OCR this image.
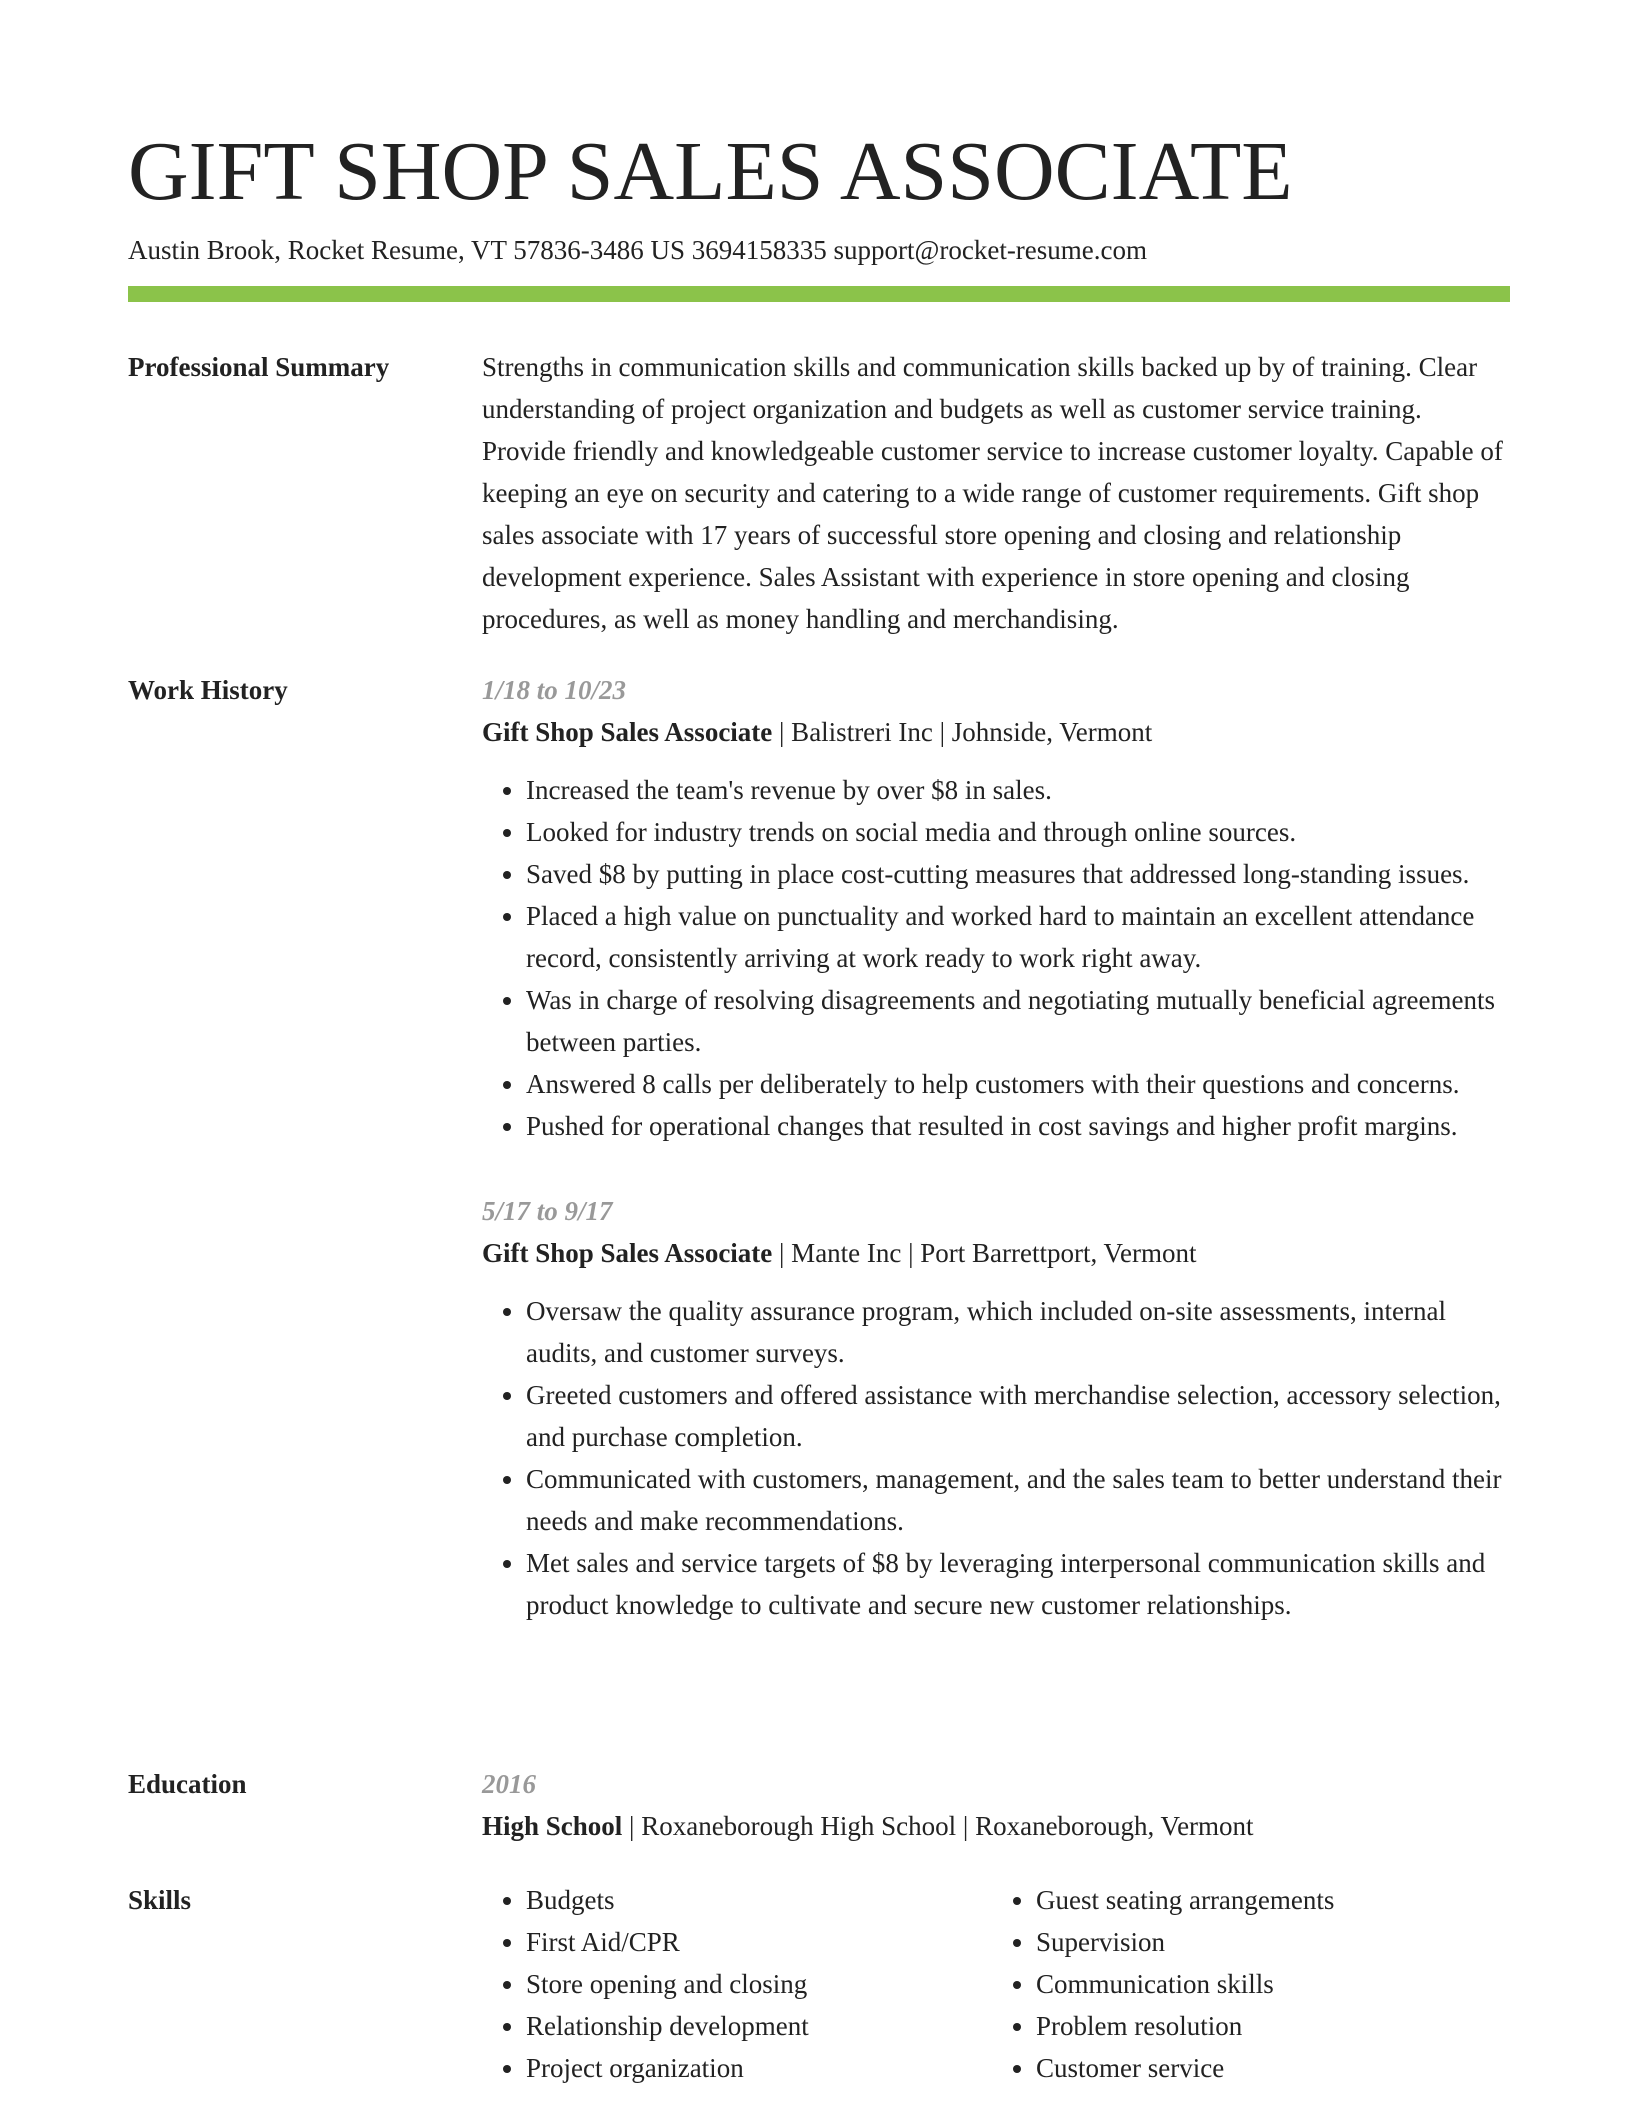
GIFT SHOP SALES ASSOCIATE

Austin Brook, Rocket Resume, VT 57836-3486 US 3694158335 support@rocket-resume.com

Professional Summary	Strengths in communication skills and communication skills backed up by of training. Clear understanding of project organization and budgets as well as customer service training. Provide friendly and knowledgeable customer service to increase customer loyalty. Capable of keeping an eye on security and catering to a wide range of customer requirements. Gift shop sales associate with 17 years of successful store opening and closing and relationship development experience. Sales Assistant with experience in store opening and closing procedures, as well as money handling and merchandising.

Work History	1/18 to 10/23

Gift Shop Sales Associate | Balistreri Inc | Johnside, Vermont

• Increased the team's revenue by over $8 in sales.
• Looked for industry trends on social media and through online sources.
• Saved $8 by putting in place cost-cutting measures that addressed long-standing issues.
• Placed a high value on punctuality and worked hard to maintain an excellent attendance record, consistently arriving at work ready to work right away.
• Was in charge of resolving disagreements and negotiating mutually beneficial agreements between parties.
• Answered 8 calls per deliberately to help customers with their questions and concerns.
• Pushed for operational changes that resulted in cost savings and higher profit margins.

5/17 to 9/17

Gift Shop Sales Associate | Mante Inc | Port Barrettport, Vermont

• Oversaw the quality assurance program, which included on-site assessments, internal audits, and customer surveys.
• Greeted customers and offered assistance with merchandise selection, accessory selection, and purchase completion.
• Communicated with customers, management, and the sales team to better understand their needs and make recommendations.
• Met sales and service targets of $8 by leveraging interpersonal communication skills and product knowledge to cultivate and secure new customer relationships.
Education	2016

High School | Roxaneborough High School | Roxaneborough, Vermont

Skills
•	Budgets
• First Aid/CPR
• Store opening and closing
• Relationship development
• Project organization
• Guest seating arrangements
• Supervision
• Communication skills
• Problem resolution
• Customer service
